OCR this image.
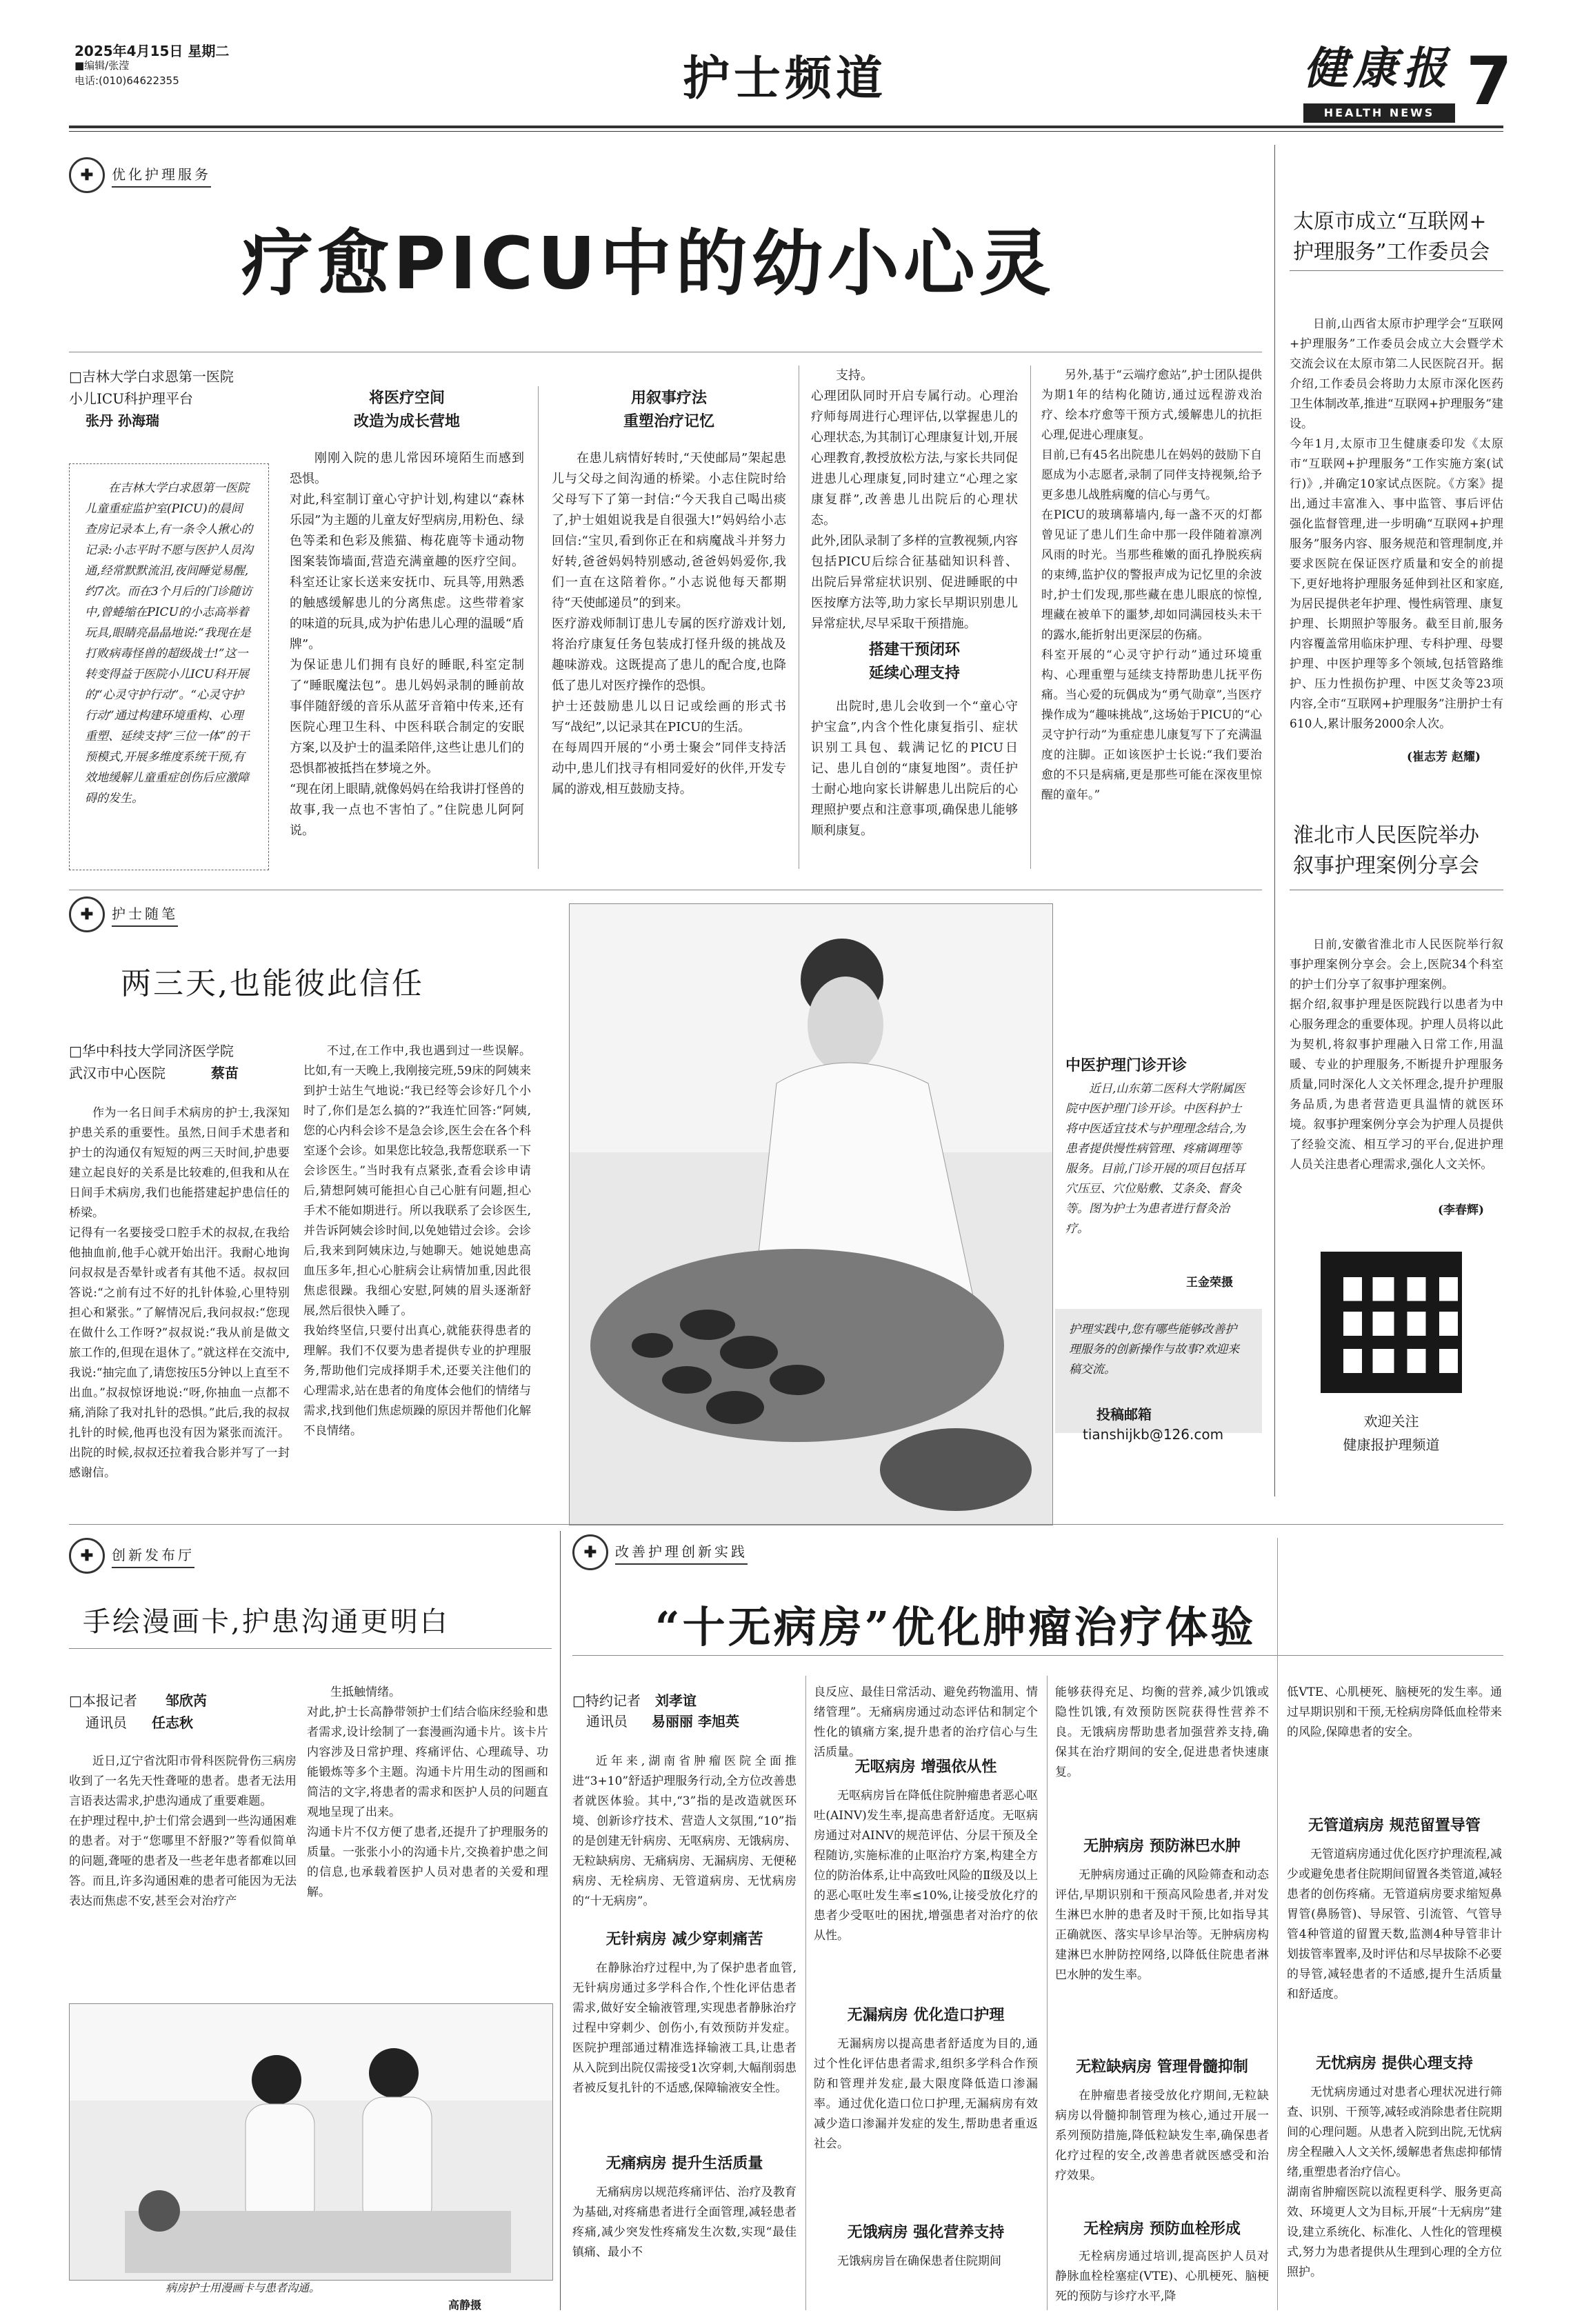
2025年4月15日 星期二
■编辑/张滢
电话:(010)64622355	护士频道	健康报
HEALTH NEWS 7
✚	优化护理服务
疗愈PICU中的幼小心灵
□吉林大学白求恩第一医院
小儿ICU科护理平台
张丹 孙海瑞
在吉林大学白求恩第一医院儿童重症监护室(PICU)的晨间查房记录本上,有一条令人揪心的记录:小志平时不愿与医护人员沟通,经常默默流泪,夜间睡觉易醒,约7次。而在3个月后的门诊随访中,曾蜷缩在PICU的小志高举着玩具,眼睛亮晶晶地说:“我现在是打败病毒怪兽的超级战士!”这一转变得益于医院小儿ICU科开展的“心灵守护行动”。“心灵守护行动”通过构建环境重构、心理重塑、延续支持“三位一体”的干预模式,开展多维度系统干预,有效地缓解儿童重症创伤后应激障碍的发生。
将医疗空间
改造为成长营地
刚刚入院的患儿常因环境陌生而感到恐惧。
对此,科室制订童心守护计划,构建以“森林乐园”为主题的儿童友好型病房,用粉色、绿色等柔和色彩及熊猫、梅花鹿等卡通动物图案装饰墙面,营造充满童趣的医疗空间。科室还让家长送来安抚巾、玩具等,用熟悉的触感缓解患儿的分离焦虑。这些带着家的味道的玩具,成为护佑患儿心理的温暖“盾牌”。
为保证患儿们拥有良好的睡眠,科室定制了“睡眠魔法包”。患儿妈妈录制的睡前故事伴随舒缓的音乐从蓝牙音箱中传来,还有医院心理卫生科、中医科联合制定的安眠方案,以及护士的温柔陪伴,这些让患儿们的恐惧都被抵挡在梦境之外。
“现在闭上眼睛,就像妈妈在给我讲打怪兽的故事,我一点也不害怕了。”住院患儿阿阿说。
用叙事疗法
重塑治疗记忆
在患儿病情好转时,“天使邮局”架起患儿与父母之间沟通的桥梁。小志住院时给父母写下了第一封信:“今天我自己喝出痰了,护士姐姐说我是自很强大!”妈妈给小志回信:“宝贝,看到你正在和病魔战斗并努力好转,爸爸妈妈特别感动,爸爸妈妈爱你,我们一直在这陪着你。”小志说他每天都期待“天使邮递员”的到来。
医疗游戏师制订患儿专属的医疗游戏计划,将治疗康复任务包装成打怪升级的挑战及趣味游戏。这既提高了患儿的配合度,也降低了患儿对医疗操作的恐惧。
护士还鼓励患儿以日记或绘画的形式书写“战纪”,以记录其在PICU的生活。
在每周四开展的“小勇士聚会”同伴支持活动中,患儿们找寻有相同爱好的伙伴,开发专属的游戏,相互鼓励支持。
支持。
心理团队同时开启专属行动。心理治疗师每周进行心理评估,以掌握患儿的心理状态,为其制订心理康复计划,开展心理教育,教授放松方法,与家长共同促进患儿心理康复,同时建立“心理之家康复群”,改善患儿出院后的心理状态。
此外,团队录制了多样的宣教视频,内容包括PICU后综合征基础知识科普、出院后异常症状识别、促进睡眠的中医按摩方法等,助力家长早期识别患儿异常症状,尽早采取干预措施。
搭建干预闭环
延续心理支持
出院时,患儿会收到一个“童心守护宝盒”,内含个性化康复指引、症状识别工具包、载满记忆的PICU日记、患儿自创的“康复地图”。责任护士耐心地向家长讲解患儿出院后的心理照护要点和注意事项,确保患儿能够顺利康复。
另外,基于“云端疗愈站”,护士团队提供为期1年的结构化随访,通过远程游戏治疗、绘本疗愈等干预方式,缓解患儿的抗拒心理,促进心理康复。
目前,已有45名出院患儿在妈妈的鼓励下自愿成为小志愿者,录制了同伴支持视频,给予更多患儿战胜病魔的信心与勇气。
在PICU的玻璃幕墙内,每一盏不灭的灯都曾见证了患儿们生命中那一段伴随着凛冽风雨的时光。当那些稚嫩的面孔挣脱疾病的束缚,监护仪的警报声成为记忆里的余波时,护士们发现,那些藏在患儿眼底的惊惶,埋藏在被单下的噩梦,却如同满园枝头未干的露水,能折射出更深层的伤痛。
科室开展的“心灵守护行动”通过环境重构、心理重塑与延续支持帮助患儿抚平伤痛。当心爱的玩偶成为“勇气勋章”,当医疗操作成为“趣味挑战”,这场始于PICU的“心灵守护行动”为重症患儿康复写下了充满温度的注脚。正如该医护士长说:“我们要治愈的不只是病痛,更是那些可能在深夜里惊醒的童年。”
太原市成立“互联网+
护理服务”工作委员会
日前,山西省太原市护理学会“互联网+护理服务”工作委员会成立大会暨学术交流会议在太原市第二人民医院召开。据介绍,工作委员会将助力太原市深化医药卫生体制改革,推进“互联网+护理服务”建设。
今年1月,太原市卫生健康委印发《太原市“互联网+护理服务”工作实施方案(试行)》,并确定10家试点医院。《方案》提出,通过丰富准入、事中监管、事后评估强化监督管理,进一步明确“互联网+护理服务”服务内容、服务规范和管理制度,并要求医院在保证医疗质量和安全的前提下,更好地将护理服务延伸到社区和家庭,为居民提供老年护理、慢性病管理、康复护理、长期照护等服务。截至目前,服务内容覆盖常用临床护理、专科护理、母婴护理、中医护理等多个领域,包括管路维护、压力性损伤护理、中医艾灸等23项内容,全市“互联网+护理服务”注册护士有610人,累计服务2000余人次。
(崔志芳 赵耀)
淮北市人民医院举办
叙事护理案例分享会
日前,安徽省淮北市人民医院举行叙事护理案例分享会。会上,医院34个科室的护士们分享了叙事护理案例。
据介绍,叙事护理是医院践行以患者为中心服务理念的重要体现。护理人员将以此为契机,将叙事护理融入日常工作,用温暖、专业的护理服务,不断提升护理服务质量,同时深化人文关怀理念,提升护理服务品质,为患者营造更具温情的就医环境。叙事护理案例分享会为护理人员提供了经验交流、相互学习的平台,促进护理人员关注患者心理需求,强化人文关怀。
(李春辉)
欢迎关注
健康报护理频道
✚	护士随笔
两三天,也能彼此信任
□华中科技大学同济医学院
武汉市中心医院	蔡苗
作为一名日间手术病房的护士,我深知护患关系的重要性。虽然,日间手术患者和护士的沟通仅有短短的两三天时间,护患要建立起良好的关系是比较难的,但我和从在日间手术病房,我们也能搭建起护患信任的桥梁。
记得有一名要接受口腔手术的叔叔,在我给他抽血前,他手心就开始出汗。我耐心地询问叔叔是否晕针或者有其他不适。叔叔回答说:“之前有过不好的扎针体验,心里特别担心和紧张。”了解情况后,我问叔叔:“您现在做什么工作呀?”叔叔说:“我从前是做文旅工作的,但现在退休了。”就这样在交流中,我说:“抽完血了,请您按压5分钟以上直至不出血。”叔叔惊讶地说:“呀,你抽血一点都不痛,消除了我对扎针的恐惧。”此后,我的叔叔扎针的时候,他再也没有因为紧张而流汗。出院的时候,叔叔还拉着我合影并写了一封感谢信。
不过,在工作中,我也遇到过一些误解。比如,有一天晚上,我刚接完班,59床的阿姨来到护士站生气地说:“我已经等会诊好几个小时了,你们是怎么搞的?”我连忙回答:“阿姨,您的心内科会诊不是急会诊,医生会在各个科室逐个会诊。如果您比较急,我帮您联系一下会诊医生。”当时我有点紧张,查看会诊申请后,猜想阿姨可能担心自己心脏有问题,担心手术不能如期进行。所以我联系了会诊医生,并告诉阿姨会诊时间,以免她错过会诊。会诊后,我来到阿姨床边,与她聊天。她说她患高血压多年,担心心脏病会让病情加重,因此很焦虑很躁。我细心安慰,阿姨的眉头逐渐舒展,然后很快入睡了。
我始终坚信,只要付出真心,就能获得患者的理解。我们不仅要为患者提供专业的护理服务,帮助他们完成择期手术,还要关注他们的心理需求,站在患者的角度体会他们的情绪与需求,找到他们焦虑烦躁的原因并帮他们化解不良情绪。
中医护理门诊开诊
近日,山东第二医科大学附属医院中医护理门诊开诊。中医科护士将中医适宜技术与护理理念结合,为患者提供慢性病管理、疼痛调理等服务。目前,门诊开展的项目包括耳穴压豆、穴位贴敷、艾条灸、督灸等。图为护士为患者进行督灸治疗。
王金荣摄
护理实践中,您有哪些能够改善护理服务的创新操作与故事?欢迎来稿交流。
投稿邮箱
tianshijkb@126.com
✚	创新发布厅
手绘漫画卡,护患沟通更明白
□本报记者 邹欣芮
通讯员 任志秋
近日,辽宁省沈阳市骨科医院骨伤三病房收到了一名先天性聋哑的患者。患者无法用言语表达需求,护患沟通成了重要难题。
在护理过程中,护士们常会遇到一些沟通困难的患者。对于“您哪里不舒服?”等看似简单的问题,聋哑的患者及一些老年患者都难以回答。而且,许多沟通困难的患者可能因为无法表达而焦虑不安,甚至会对治疗产
生抵触情绪。
对此,护士长高静带领护士们结合临床经验和患者需求,设计绘制了一套漫画沟通卡片。该卡片内容涉及日常护理、疼痛评估、心理疏导、功能锻炼等多个主题。沟通卡片用生动的图画和简洁的文字,将患者的需求和医护人员的问题直观地呈现了出来。
沟通卡片不仅方便了患者,还提升了护理服务的质量。一张张小小的沟通卡片,交换着护患之间的信息,也承载着医护人员对患者的关爱和理解。
病房护士用漫画卡与患者沟通。
高静摄
✚	改善护理创新实践
“十无病房”优化肿瘤治疗体验
□特约记者 刘孝谊
通讯员 易丽丽 李旭英
近年来,湖南省肿瘤医院全面推进“3+10”舒适护理服务行动,全方位改善患者就医体验。其中,“3”指的是改造就医环境、创新诊疗技术、营造人文氛围,“10”指的是创建无针病房、无呕病房、无饿病房、无粒缺病房、无痛病房、无漏病房、无便秘病房、无栓病房、无管道病房、无忧病房的“十无病房”。
无针病房 减少穿刺痛苦
在静脉治疗过程中,为了保护患者血管,无针病房通过多学科合作,个性化评估患者需求,做好安全输液管理,实现患者静脉治疗过程中穿刺少、创伤小,有效预防并发症。医院护理部通过精准选择输液工具,让患者从入院到出院仅需接受1次穿刺,大幅削弱患者被反复扎针的不适感,保障输液安全性。
无痛病房 提升生活质量
无痛病房以规范疼痛评估、治疗及教育为基础,对疼痛患者进行全面管理,减轻患者疼痛,减少突发性疼痛发生次数,实现“最佳镇痛、最小不
良反应、最佳日常活动、避免药物滥用、情绪管理”。无痛病房通过动态评估和制定个性化的镇痛方案,提升患者的治疗信心与生活质量。
无呕病房 增强依从性
无呕病房旨在降低住院肿瘤患者恶心呕吐(AINV)发生率,提高患者舒适度。无呕病房通过对AINV的规范评估、分层干预及全程随访,实施标准的止呕治疗方案,构建全方位的防治体系,让中高致吐风险的Ⅱ级及以上的恶心呕吐发生率≤10%,让接受放化疗的患者少受呕吐的困扰,增强患者对治疗的依从性。
无漏病房 优化造口护理
无漏病房以提高患者舒适度为目的,通过个性化评估患者需求,组织多学科合作预防和管理并发症,最大限度降低造口渗漏率。通过优化造口位口护理,无漏病房有效减少造口渗漏并发症的发生,帮助患者重返社会。
无饿病房 强化营养支持
无饿病房旨在确保患者住院期间
能够获得充足、均衡的营养,减少饥饿或隐性饥饿,有效预防医院获得性营养不良。无饿病房帮助患者加强营养支持,确保其在治疗期间的安全,促进患者快速康复。
无肿病房 预防淋巴水肿
无肿病房通过正确的风险筛查和动态评估,早期识别和干预高风险患者,并对发生淋巴水肿的患者及时干预,比如指导其正确就医、落实早诊早治等。无肿病房构建淋巴水肿防控网络,以降低住院患者淋巴水肿的发生率。
无粒缺病房 管理骨髓抑制
在肿瘤患者接受放化疗期间,无粒缺病房以骨髓抑制管理为核心,通过开展一系列预防措施,降低粒缺发生率,确保患者化疗过程的安全,改善患者就医感受和治疗效果。
无栓病房 预防血栓形成
无栓病房通过培训,提高医护人员对静脉血栓栓塞症(VTE)、心肌梗死、脑梗死的预防与诊疗水平,降
低VTE、心肌梗死、脑梗死的发生率。通过早期识别和干预,无栓病房降低血栓带来的风险,保障患者的安全。
无管道病房 规范留置导管
无管道病房通过优化医疗护理流程,减少或避免患者住院期间留置各类管道,减轻患者的创伤疼痛。无管道病房要求缩短鼻胃管(鼻肠管)、导尿管、引流管、气管导管4种管道的留置天数,监测4种导管非计划拔管率置率,及时评估和尽早拔除不必要的导管,减轻患者的不适感,提升生活质量和舒适度。
无忧病房 提供心理支持
无忧病房通过对患者心理状况进行筛查、识别、干预等,减轻或消除患者住院期间的心理问题。从患者入院到出院,无忧病房全程融入人文关怀,缓解患者焦虑抑郁情绪,重塑患者治疗信心。
湖南省肿瘤医院以流程更科学、服务更高效、环境更人文为目标,开展“十无病房”建设,建立系统化、标准化、人性化的管理模式,努力为患者提供从生理到心理的全方位照护。
